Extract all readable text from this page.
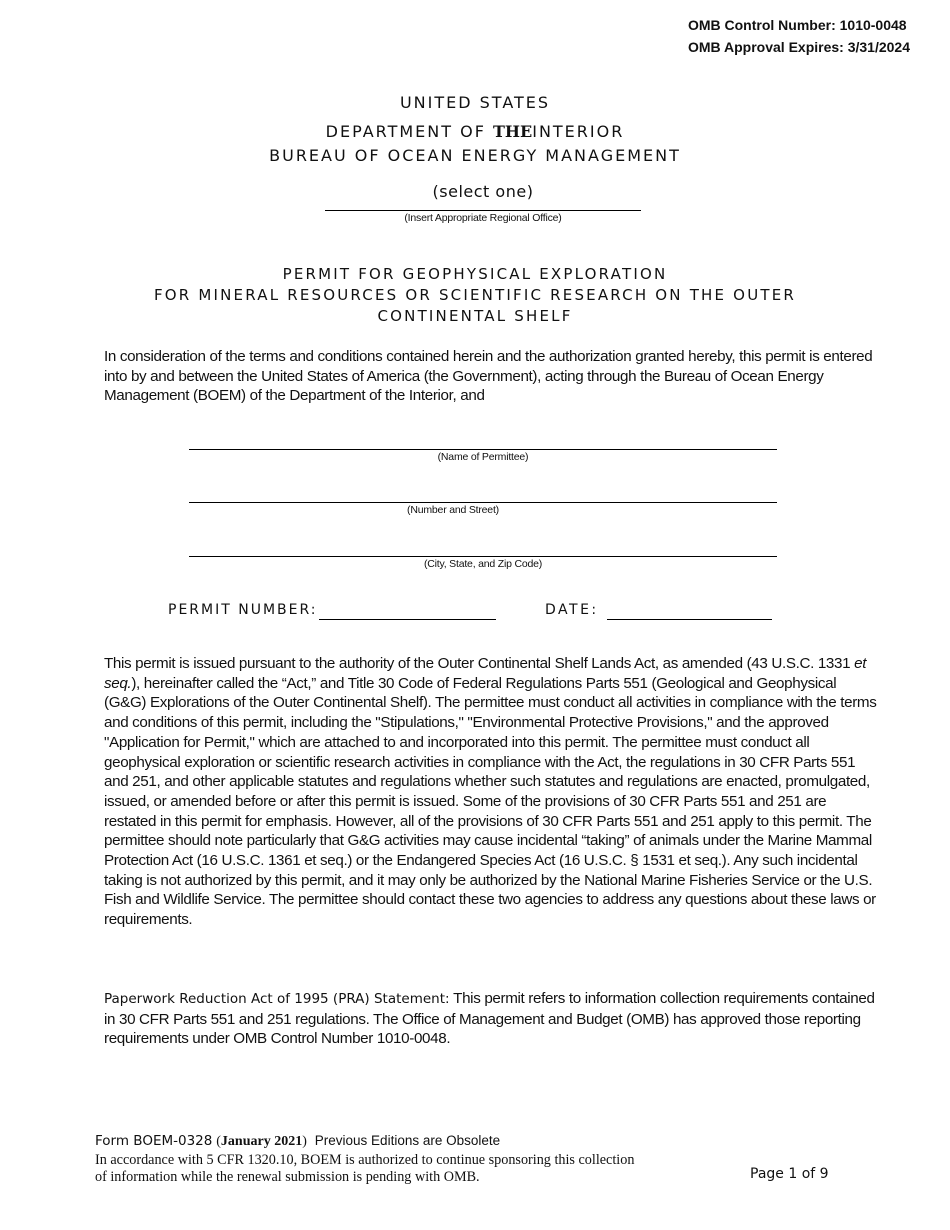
OMB Control Number: 1010-0048
OMB Approval Expires: 3/31/2024
UNITED STATES
DEPARTMENT OF THEINTERIOR
BUREAU OF OCEAN ENERGY MANAGEMENT
(select one)
(Insert Appropriate Regional Office)
PERMIT FOR GEOPHYSICAL EXPLORATION
FOR MINERAL RESOURCES OR SCIENTIFIC RESEARCH ON THE OUTER
CONTINENTAL SHELF
In consideration of the terms and conditions contained herein and the authorization granted hereby, this permit is entered into by and between the United States of America (the Government), acting through the Bureau of Ocean Energy Management (BOEM) of the Department of the Interior, and
(Name of Permittee)
(Number and Street)
(City, State, and Zip Code)
PERMIT NUMBER:	DATE:
This permit is issued pursuant to the authority of the Outer Continental Shelf Lands Act, as amended (43 U.S.C. 1331 et seq.), hereinafter called the “Act,” and Title 30 Code of Federal Regulations Parts 551 (Geological and Geophysical (G&G) Explorations of the Outer Continental Shelf). The permittee must conduct all activities in compliance with the terms and conditions of this permit, including the "Stipulations," "Environmental Protective Provisions," and the approved "Application for Permit," which are attached to and incorporated into this permit. The permittee must conduct all geophysical exploration or scientific research activities in compliance with the Act, the regulations in 30 CFR Parts 551 and 251, and other applicable statutes and regulations whether such statutes and regulations are enacted, promulgated, issued, or amended before or after this permit is issued. Some of the provisions of 30 CFR Parts 551 and 251 are restated in this permit for emphasis. However, all of the provisions of 30 CFR Parts 551 and 251 apply to this permit. The permittee should note particularly that G&G activities may cause incidental “taking” of animals under the Marine Mammal Protection Act (16 U.S.C. 1361 et seq.) or the Endangered Species Act (16 U.S.C. § 1531 et seq.). Any such incidental taking is not authorized by this permit, and it may only be authorized by the National Marine Fisheries Service or the U.S. Fish and Wildlife Service. The permittee should contact these two agencies to address any questions about these laws or requirements.
Paperwork Reduction Act of 1995 (PRA) Statement: This permit refers to information collection requirements contained in 30 CFR Parts 551 and 251 regulations. The Office of Management and Budget (OMB) has approved those reporting requirements under OMB Control Number 1010-0048.
Form BOEM-0328 (January 2021) Previous Editions are Obsolete
In accordance with 5 CFR 1320.10, BOEM is authorized to continue sponsoring this collection of information while the renewal submission is pending with OMB.	Page 1 of 9
